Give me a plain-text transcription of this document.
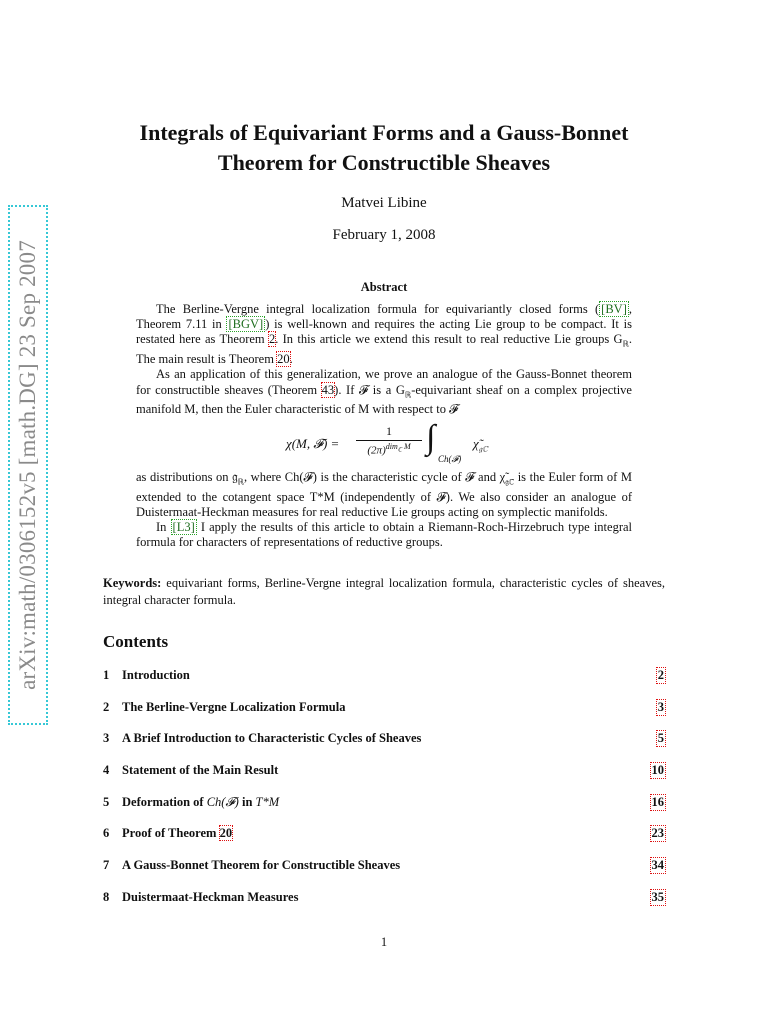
arXiv:math/0306152v5 [math.DG] 23 Sep 2007
Integrals of Equivariant Forms and a Gauss-Bonnet
Theorem for Constructible Sheaves
Matvei Libine
February 1, 2008
Abstract

The Berline-Vergne integral localization formula for equivariantly closed forms ( [BV] , Theorem 7.11 in [BGV] ) is well-known and requires the acting Lie group to be compact. It is restated here as Theorem 2. In this article we extend this result to real reductive Lie groups $G_ℝ$. The main result is Theorem 20.

As an application of this generalization, we prove an analogue of the Gauss-Bonnet theorem for constructible sheaves (Theorem 43). If 𝓕 is a $G_ℝ$-equivariant sheaf on a complex projective manifold M, then the Euler characteristic of M with respect to 𝓕

χ(M, 𝓕) =
1
$(2\pi)^{dim_ℂ M}$ ∫
Ch(𝓕)
$\chĩ_{𝔤ℂ}$

as distributions on 𝔤$_ℝ$, where Ch(𝓕) is the characteristic cycle of 𝓕 and $\chĩ_{𝔤ℂ}$ is the Euler form of M extended to the cotangent space T*M (independently of 𝓕). We also consider an analogue of Duistermaat-Heckman measures for real reductive Lie groups acting on symplectic manifolds.

In [L3] I apply the results of this article to obtain a Riemann-Roch-Hirzebruch type integral formula for characters of representations of reductive groups.

Keywords: equivariant forms, Berline-Vergne integral localization formula, characteristic cycles of sheaves, integral character formula.
Contents
1 Introduction	2
2 The Berline-Vergne Localization Formula	3
3 A Brief Introduction to Characteristic Cycles of Sheaves	5
4 Statement of the Main Result	10
5 Deformation of Ch(𝓕) in T*M	16
6 Proof of Theorem 20	23
7 A Gauss-Bonnet Theorem for Constructible Sheaves	34
8 Duistermaat-Heckman Measures	35
1
